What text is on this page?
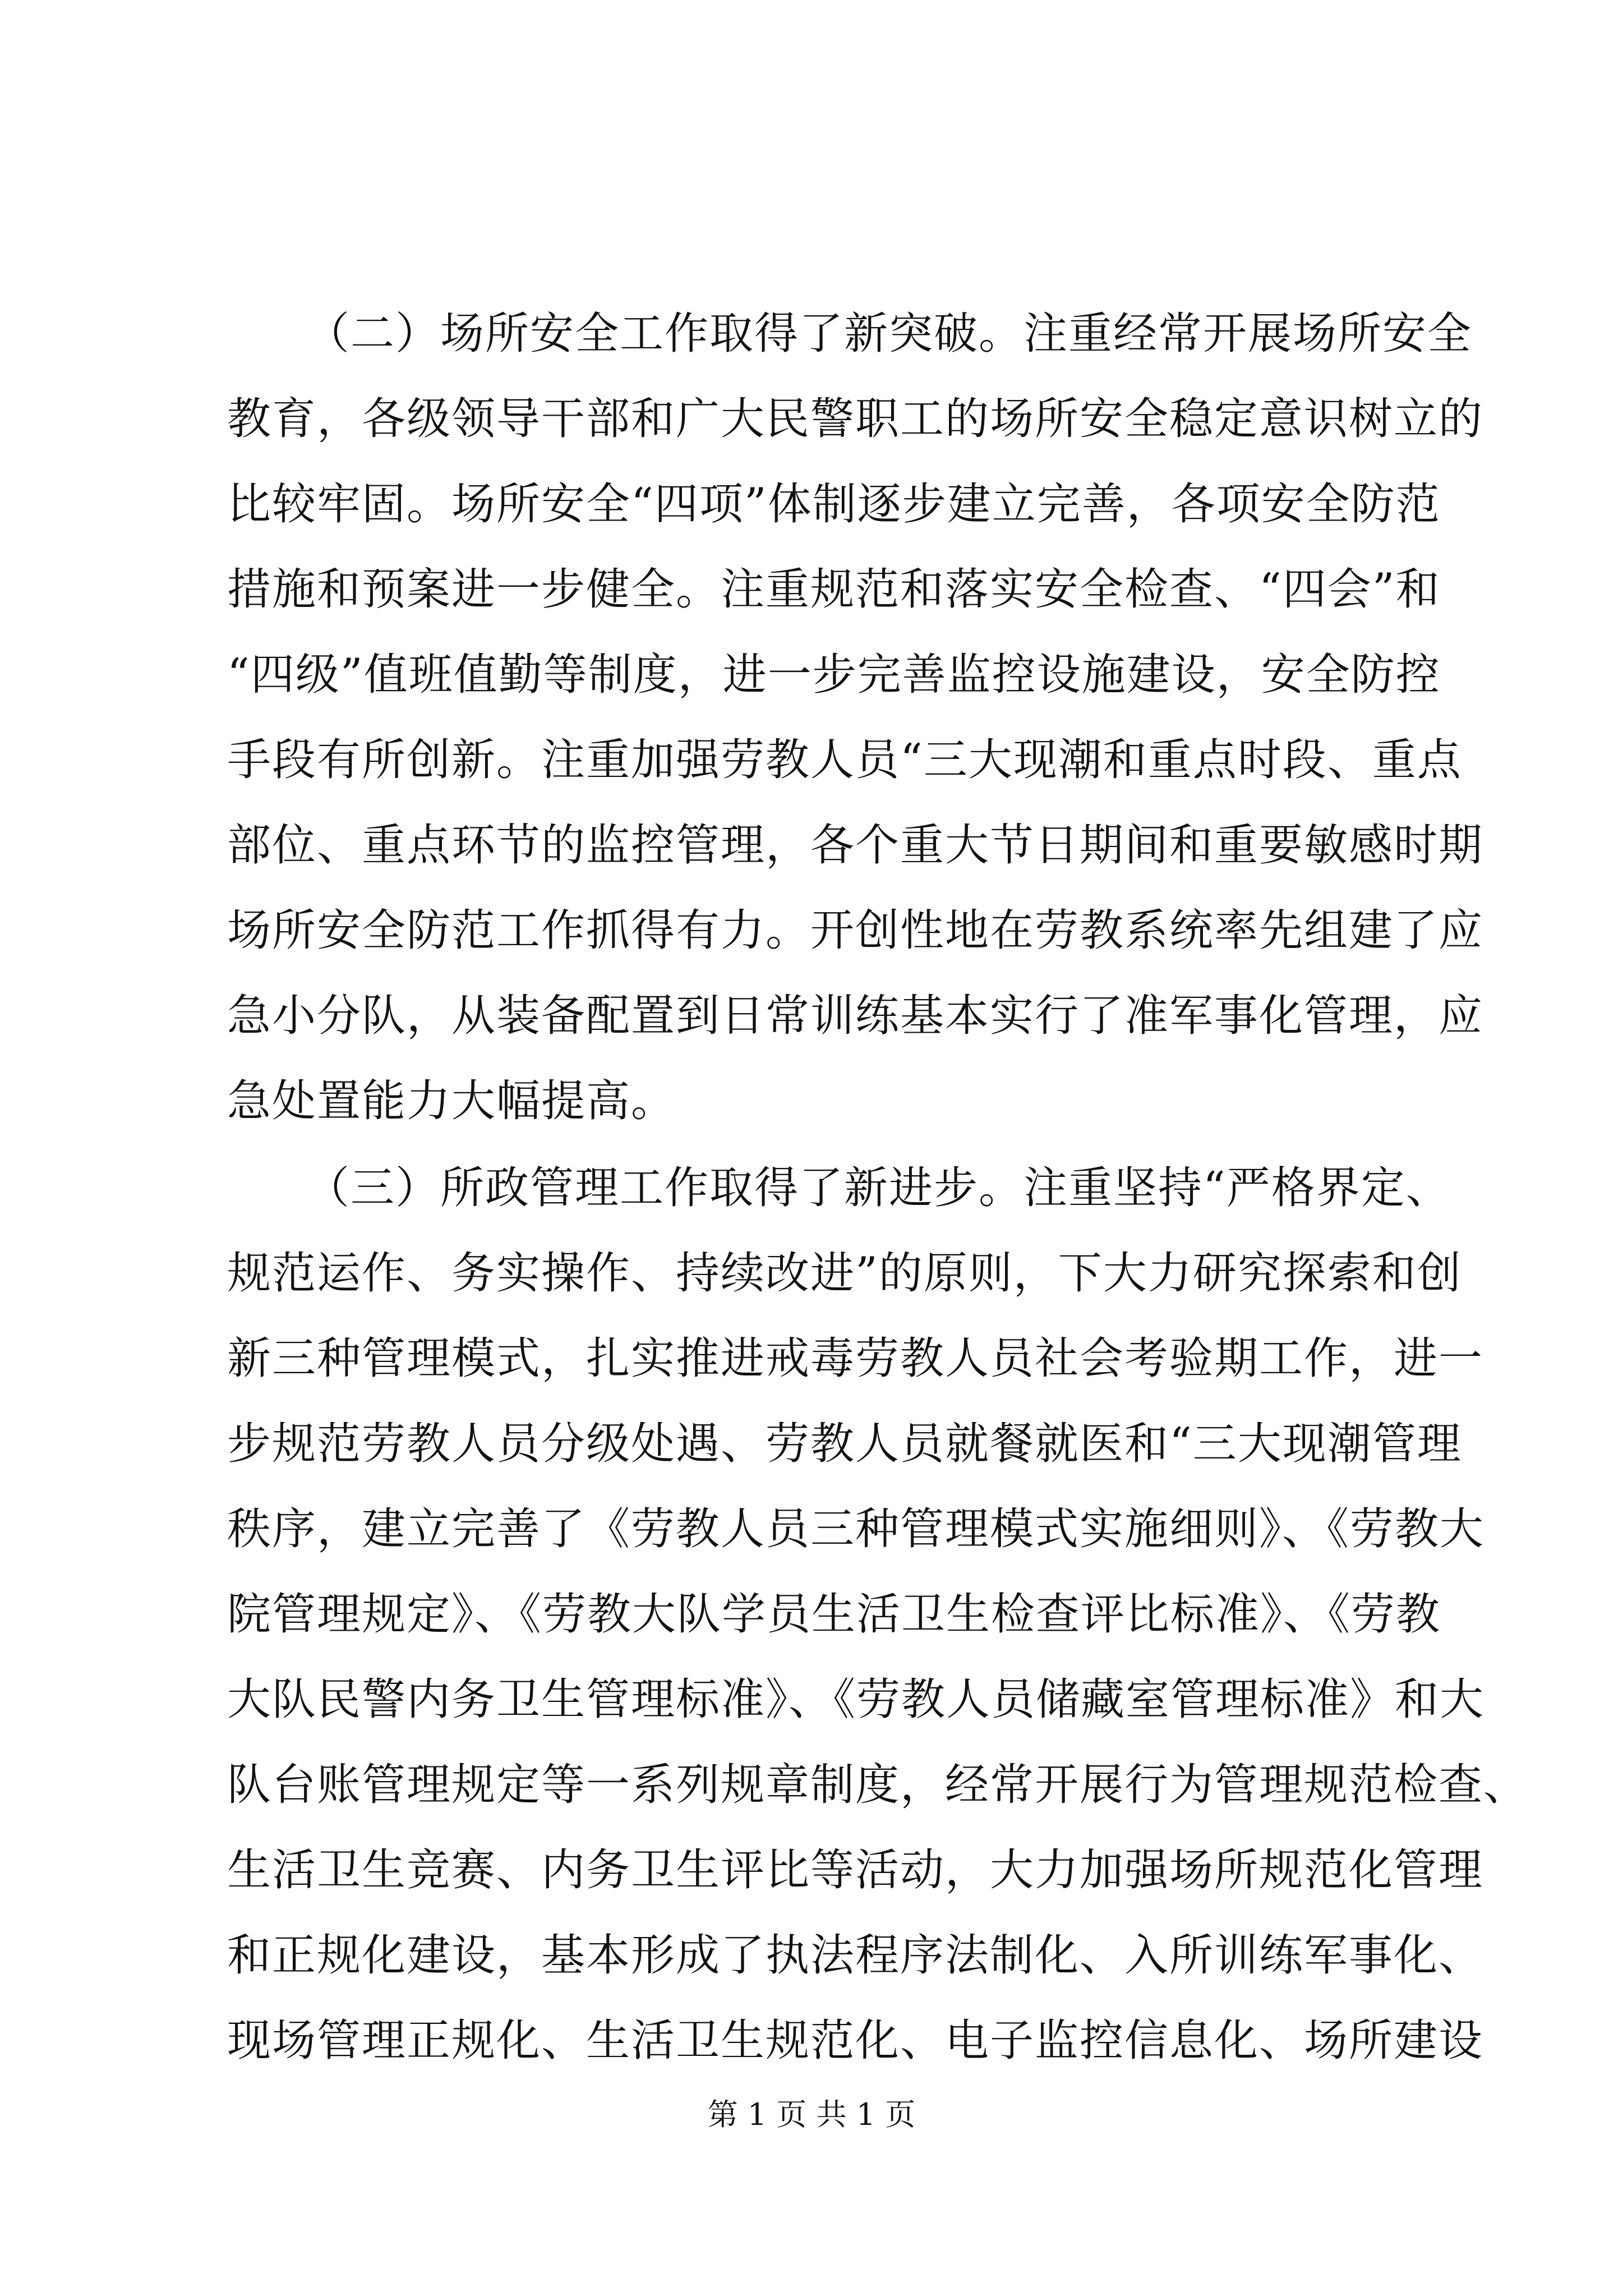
（二）场所安全工作取得了新突破。注重经常开展场所安全
教育，各级领导干部和广大民警职工的场所安全稳定意识树立的
比较牢固。场所安全“四项”体制逐步建立完善，各项安全防范
措施和预案进一步健全。注重规范和落实安全检查、“四会”和
“四级”值班值勤等制度，进一步完善监控设施建设，安全防控
手段有所创新。注重加强劳教人员“三大现潮和重点时段、重点
部位、重点环节的监控管理，各个重大节日期间和重要敏感时期
场所安全防范工作抓得有力。开创性地在劳教系统率先组建了应
急小分队，从装备配置到日常训练基本实行了准军事化管理，应
急处置能力大幅提高。
（三）所政管理工作取得了新进步。注重坚持“严格界定、
规范运作、务实操作、持续改进”的原则，下大力研究探索和创
新三种管理模式，扎实推进戒毒劳教人员社会考验期工作，进一
步规范劳教人员分级处遇、劳教人员就餐就医和“三大现潮管理
秩序，建立完善了《劳教人员三种管理模式实施细则》、《劳教大
院管理规定》、《劳教大队学员生活卫生检查评比标准》、《劳教
大队民警内务卫生管理标准》、《劳教人员储藏室管理标准》和大
队台账管理规定等一系列规章制度，经常开展行为管理规范检查、
生活卫生竞赛、内务卫生评比等活动，大力加强场所规范化管理
和正规化建设，基本形成了执法程序法制化、入所训练军事化、
现场管理正规化、生活卫生规范化、电子监控信息化、场所建设
第 1 页 共 1 页
